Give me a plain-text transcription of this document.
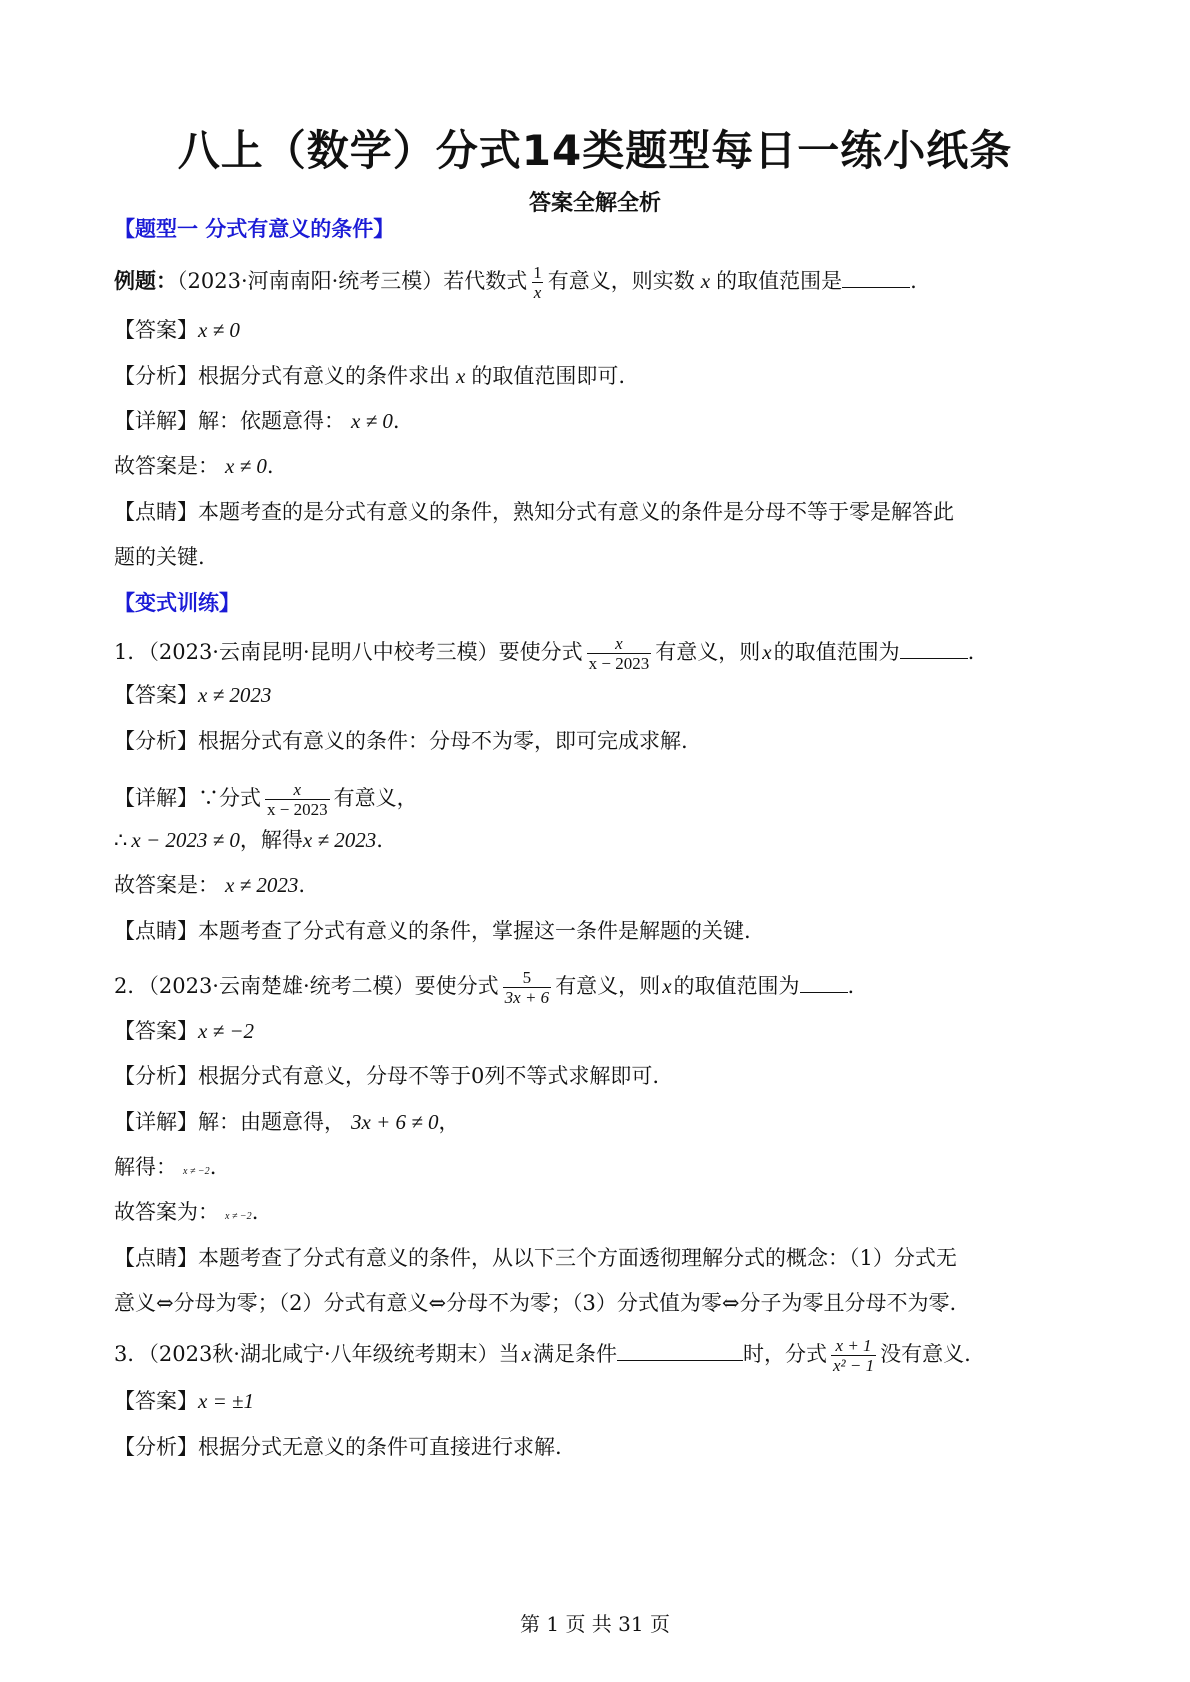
八上（数学）分式14类题型每日一练小纸条
答案全解全析
【题型一 分式有意义的条件】
例题：（2023·河南南阳·统考三模）若代数式 $\frac{1}{x}$ 有意义，则实数 x 的取值范围是	.
【答案】x ≠ 0
【分析】根据分式有意义的条件求出 x 的取值范围即可.
【详解】解：依题意得： x ≠ 0.
故答案是： x ≠ 0.
【点睛】本题考查的是分式有意义的条件，熟知分式有意义的条件是分母不等于零是解答此
题的关键.
【变式训练】
1．（2023·云南昆明·昆明八中校考三模）要使分式 $\frac{x}{x - 2023}$ 有意义，则x的取值范围为	.
【答案】x ≠ 2023
【分析】根据分式有意义的条件：分母不为零，即可完成求解.
【详解】∵分式 $\frac{x}{x - 2023}$ 有意义，
∴ x − 2023 ≠ 0，解得x ≠ 2023.
故答案是： x ≠ 2023.
【点睛】本题考查了分式有意义的条件，掌握这一条件是解题的关键.
2．（2023·云南楚雄·统考二模）要使分式 $\frac{5}{3x + 6}$ 有意义，则x的取值范围为 .
【答案】x ≠ −2
【分析】根据分式有意义，分母不等于0列不等式求解即可.
【详解】解：由题意得， 3x + 6 ≠ 0，
解得： x ≠ −2.
故答案为： x ≠ −2.
【点睛】本题考查了分式有意义的条件，从以下三个方面透彻理解分式的概念：（1）分式无
意义⇔分母为零；（2）分式有意义⇔分母不为零；（3）分式值为零⇔分子为零且分母不为零.
3．（2023秋·湖北咸宁·八年级统考期末）当x满足条件	时，分式 $\frac{x + 1}{\text{x² − 1}}$ 没有意义.
【答案】x = ±1
【分析】根据分式无意义的条件可直接进行求解.
第 1 页 共 31 页
